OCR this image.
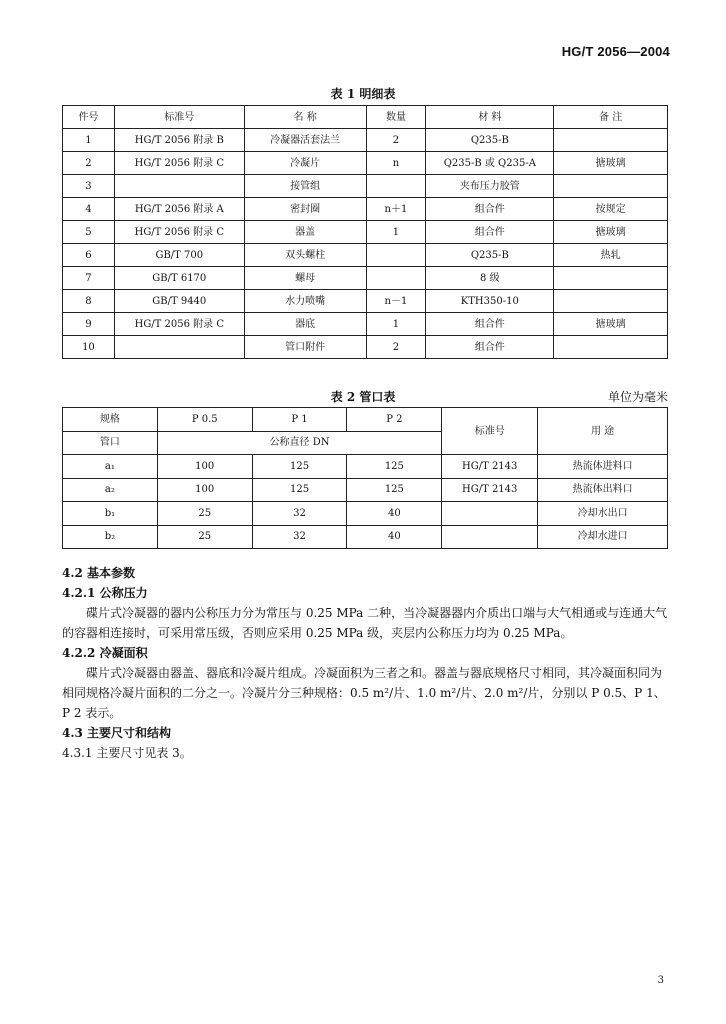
HG/T 2056—2004
表 1 明细表
件号	标准号	名 称	数量	材 料	备 注
1	HG/T 2056 附录 B	冷凝器活套法兰	2	Q235-B	
2	HG/T 2056 附录 C	冷凝片	n	Q235-B 或 Q235-A	搪玻璃
3		接管组		夹布压力胶管	
4	HG/T 2056 附录 A	密封圈	n＋1	组合件	按规定
5	HG/T 2056 附录 C	器盖	1	组合件	搪玻璃
6	GB/T 700	双头螺柱		Q235-B	热轧
7	GB/T 6170	螺母		8 级	
8	GB/T 9440	水力喷嘴	n－1	KTH350-10	
9	HG/T 2056 附录 C	器底	1	组合件	搪玻璃
10		管口附件	2	组合件	
表 2 管口表	单位为毫米
规格	P 0.5	P 1	P 2	标准号	用 途
管口	公称直径 DN				
a₁	100	125	125	HG/T 2143	热流体进料口
a₂	100	125	125	HG/T 2143	热流体出料口
b₁	25	32	40		冷却水出口
b₂	25	32	40		冷却水进口
4.2 基本参数
4.2.1 公称压力
碟片式冷凝器的器内公称压力分为常压与 0.25 MPa 二种，当冷凝器器内介质出口端与大气相通或与连通大气的容器相连接时，可采用常压级，否则应采用 0.25 MPa 级，夹层内公称压力均为 0.25 MPa。
4.2.2 冷凝面积
碟片式冷凝器由器盖、器底和冷凝片组成。冷凝面积为三者之和。器盖与器底规格尺寸相同，其冷凝面积同为相同规格冷凝片面积的二分之一。冷凝片分三种规格：0.5 m²/片、1.0 m²/片、2.0 m²/片，分别以 P 0.5、P 1、P 2 表示。
4.3 主要尺寸和结构
4.3.1 主要尺寸见表 3。
3
